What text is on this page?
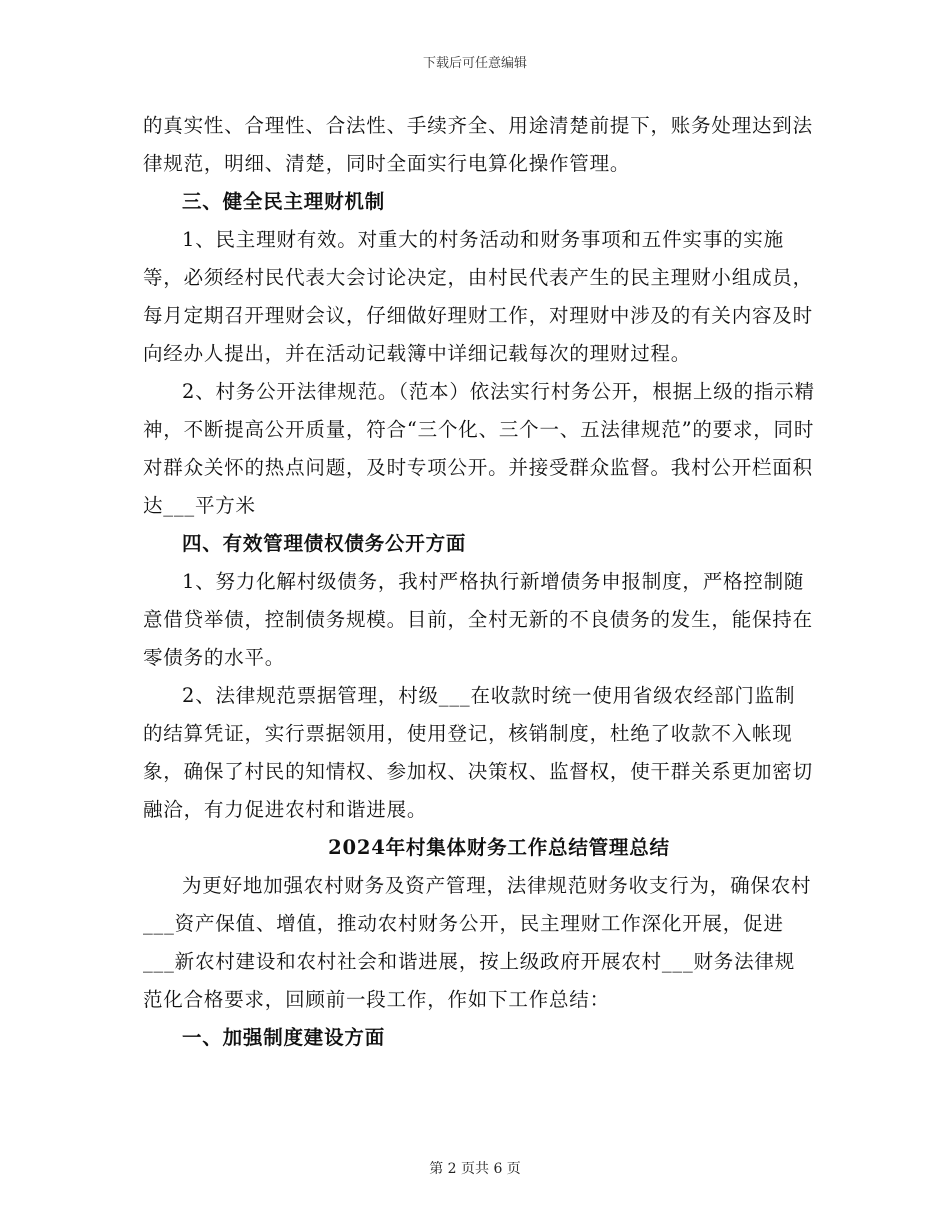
下载后可任意编辑

的真实性、合理性、合法性、手续齐全、用途清楚前提下，账务处理达到法律规范，明细、清楚，同时全面实行电算化操作管理。

三、健全民主理财机制

1、民主理财有效。对重大的村务活动和财务事项和五件实事的实施等，必须经村民代表大会讨论决定，由村民代表产生的民主理财小组成员，每月定期召开理财会议，仔细做好理财工作，对理财中涉及的有关内容及时向经办人提出，并在活动记载簿中详细记载每次的理财过程。

2、村务公开法律规范。（范本）依法实行村务公开，根据上级的指示精神，不断提高公开质量，符合“三个化、三个一、五法律规范”的要求，同时对群众关怀的热点问题，及时专项公开。并接受群众监督。我村公开栏面积达___平方米

四、有效管理债权债务公开方面

1、努力化解村级债务，我村严格执行新增债务申报制度，严格控制随意借贷举债，控制债务规模。目前，全村无新的不良债务的发生，能保持在零债务的水平。

2、法律规范票据管理，村级___在收款时统一使用省级农经部门监制的结算凭证，实行票据领用，使用登记，核销制度，杜绝了收款不入帐现象，确保了村民的知情权、参加权、决策权、监督权，使干群关系更加密切融洽，有力促进农村和谐进展。

2024年村集体财务工作总结管理总结

为更好地加强农村财务及资产管理，法律规范财务收支行为，确保农村___资产保值、增值，推动农村财务公开，民主理财工作深化开展，促进___新农村建设和农村社会和谐进展，按上级政府开展农村___财务法律规范化合格要求，回顾前一段工作，作如下工作总结：

一、加强制度建设方面

第 2 页共 6 页
